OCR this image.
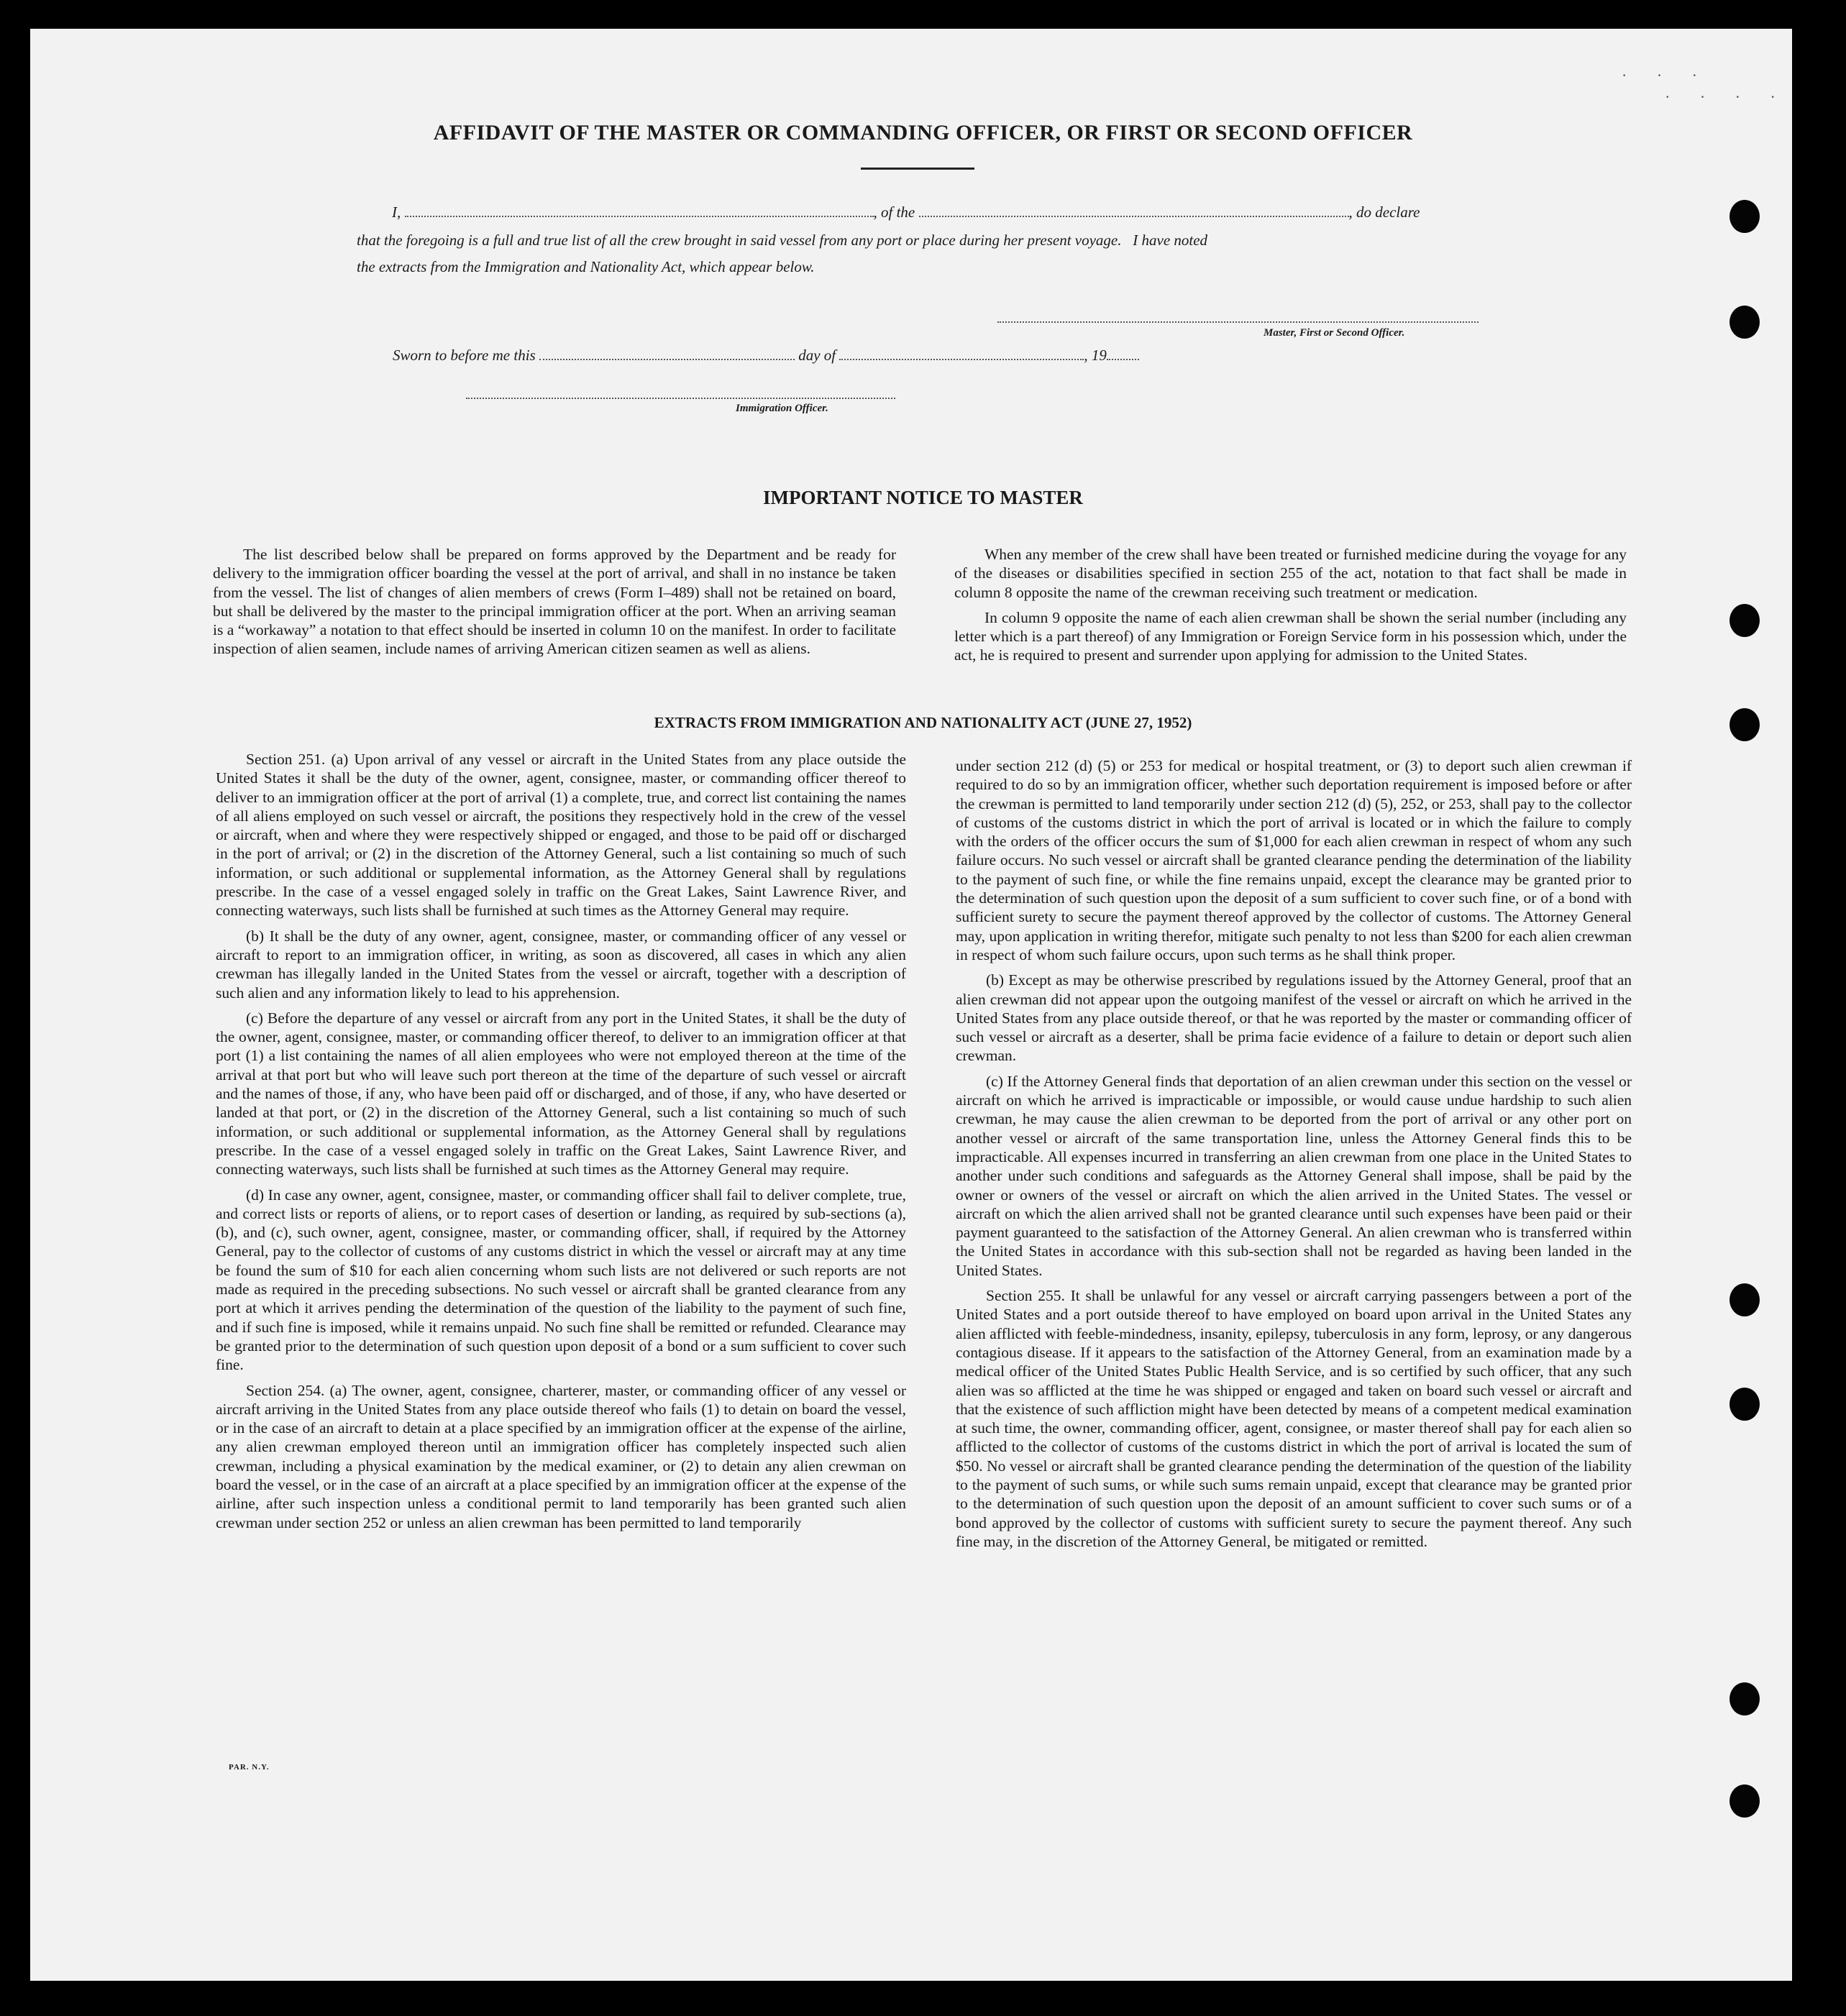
· · ·
· · · ·
AFFIDAVIT OF THE MASTER OR COMMANDING OFFICER, OR FIRST OR SECOND OFFICER
I,	, of the	, do declare
that the foregoing is a full and true list of all the crew brought in said vessel from any port or place during her present voyage.   I have noted
the extracts from the Immigration and Nationality Act, which appear below.
Master, First or Second Officer.
Sworn to before me this	day of	, 19
Immigration Officer.
IMPORTANT NOTICE TO MASTER

The list described below shall be prepared on forms approved by the Department and be ready for delivery to the immigration officer boarding the vessel at the port of arrival, and shall in no instance be taken from the vessel. The list of changes of alien members of crews (Form I–489) shall not be retained on board, but shall be delivered by the master to the principal immigration officer at the port. When an arriving seaman is a “workaway” a notation to that effect should be inserted in column 10 on the manifest. In order to facilitate inspection of alien seamen, include names of arriving American citizen seamen as well as aliens.

When any member of the crew shall have been treated or furnished medicine during the voyage for any of the diseases or disabilities specified in section 255 of the act, notation to that fact shall be made in column 8 opposite the name of the crewman receiving such treatment or medication.

In column 9 opposite the name of each alien crewman shall be shown the serial number (including any letter which is a part thereof) of any Immigration or Foreign Service form in his possession which, under the act, he is required to present and surrender upon applying for admission to the United States.

EXTRACTS FROM IMMIGRATION AND NATIONALITY ACT (JUNE 27, 1952)

Section 251. (a) Upon arrival of any vessel or aircraft in the United States from any place outside the United States it shall be the duty of the owner, agent, consignee, master, or commanding officer thereof to deliver to an immigration officer at the port of arrival (1) a complete, true, and correct list containing the names of all aliens employed on such vessel or aircraft, the positions they respectively hold in the crew of the vessel or aircraft, when and where they were respectively shipped or engaged, and those to be paid off or discharged in the port of arrival; or (2) in the discretion of the Attorney General, such a list containing so much of such information, or such additional or supplemental information, as the Attorney General shall by regulations prescribe. In the case of a vessel engaged solely in traffic on the Great Lakes, Saint Lawrence River, and connecting waterways, such lists shall be furnished at such times as the Attorney General may require.

(b) It shall be the duty of any owner, agent, consignee, master, or commanding officer of any vessel or aircraft to report to an immigration officer, in writing, as soon as discovered, all cases in which any alien crewman has illegally landed in the United States from the vessel or aircraft, together with a description of such alien and any information likely to lead to his apprehension.

(c) Before the departure of any vessel or aircraft from any port in the United States, it shall be the duty of the owner, agent, consignee, master, or commanding officer thereof, to deliver to an immigration officer at that port (1) a list containing the names of all alien employees who were not employed thereon at the time of the arrival at that port but who will leave such port thereon at the time of the departure of such vessel or aircraft and the names of those, if any, who have been paid off or discharged, and of those, if any, who have deserted or landed at that port, or (2) in the discretion of the Attorney General, such a list containing so much of such information, or such additional or supplemental information, as the Attorney General shall by regulations prescribe. In the case of a vessel engaged solely in traffic on the Great Lakes, Saint Lawrence River, and connecting waterways, such lists shall be furnished at such times as the Attorney General may require.

(d) In case any owner, agent, consignee, master, or commanding officer shall fail to deliver complete, true, and correct lists or reports of aliens, or to report cases of desertion or landing, as required by sub-sections (a), (b), and (c), such owner, agent, consignee, master, or commanding officer, shall, if required by the Attorney General, pay to the collector of customs of any customs district in which the vessel or aircraft may at any time be found the sum of $10 for each alien concerning whom such lists are not delivered or such reports are not made as required in the preceding subsections. No such vessel or aircraft shall be granted clearance from any port at which it arrives pending the determination of the question of the liability to the payment of such fine, and if such fine is imposed, while it remains unpaid. No such fine shall be remitted or refunded. Clearance may be granted prior to the determination of such question upon deposit of a bond or a sum sufficient to cover such fine.

Section 254. (a) The owner, agent, consignee, charterer, master, or commanding officer of any vessel or aircraft arriving in the United States from any place outside thereof who fails (1) to detain on board the vessel, or in the case of an aircraft to detain at a place specified by an immigration officer at the expense of the airline, any alien crewman employed thereon until an immigration officer has completely inspected such alien crewman, including a physical examination by the medical examiner, or (2) to detain any alien crewman on board the vessel, or in the case of an aircraft at a place specified by an immigration officer at the expense of the airline, after such inspection unless a conditional permit to land temporarily has been granted such alien crewman under section 252 or unless an alien crewman has been permitted to land temporarily

under section 212 (d) (5) or 253 for medical or hospital treatment, or (3) to deport such alien crewman if required to do so by an immigration officer, whether such deportation requirement is imposed before or after the crewman is permitted to land temporarily under section 212 (d) (5), 252, or 253, shall pay to the collector of customs of the customs district in which the port of arrival is located or in which the failure to comply with the orders of the officer occurs the sum of $1,000 for each alien crewman in respect of whom any such failure occurs. No such vessel or aircraft shall be granted clearance pending the determination of the liability to the payment of such fine, or while the fine remains unpaid, except the clearance may be granted prior to the determination of such question upon the deposit of a sum sufficient to cover such fine, or of a bond with sufficient surety to secure the payment thereof approved by the collector of customs. The Attorney General may, upon application in writing therefor, mitigate such penalty to not less than $200 for each alien crewman in respect of whom such failure occurs, upon such terms as he shall think proper.

(b) Except as may be otherwise prescribed by regulations issued by the Attorney General, proof that an alien crewman did not appear upon the outgoing manifest of the vessel or aircraft on which he arrived in the United States from any place outside thereof, or that he was reported by the master or commanding officer of such vessel or aircraft as a deserter, shall be prima facie evidence of a failure to detain or deport such alien crewman.

(c) If the Attorney General finds that deportation of an alien crewman under this section on the vessel or aircraft on which he arrived is impracticable or impossible, or would cause undue hardship to such alien crewman, he may cause the alien crewman to be deported from the port of arrival or any other port on another vessel or aircraft of the same transportation line, unless the Attorney General finds this to be impracticable. All expenses incurred in transferring an alien crewman from one place in the United States to another under such conditions and safeguards as the Attorney General shall impose, shall be paid by the owner or owners of the vessel or aircraft on which the alien arrived in the United States. The vessel or aircraft on which the alien arrived shall not be granted clearance until such expenses have been paid or their payment guaranteed to the satisfaction of the Attorney General. An alien crewman who is transferred within the United States in accordance with this sub-section shall not be regarded as having been landed in the United States.

Section 255. It shall be unlawful for any vessel or aircraft carrying passengers between a port of the United States and a port outside thereof to have employed on board upon arrival in the United States any alien afflicted with feeble-mindedness, insanity, epilepsy, tuberculosis in any form, leprosy, or any dangerous contagious disease. If it appears to the satisfaction of the Attorney General, from an examination made by a medical officer of the United States Public Health Service, and is so certified by such officer, that any such alien was so afflicted at the time he was shipped or engaged and taken on board such vessel or aircraft and that the existence of such affliction might have been detected by means of a competent medical examination at such time, the owner, commanding officer, agent, consignee, or master thereof shall pay for each alien so afflicted to the collector of customs of the customs district in which the port of arrival is located the sum of $50. No vessel or aircraft shall be granted clearance pending the determination of the question of the liability to the payment of such sums, or while such sums remain unpaid, except that clearance may be granted prior to the determination of such question upon the deposit of an amount sufficient to cover such sums or of a bond approved by the collector of customs with sufficient surety to secure the payment thereof. Any such fine may, in the discretion of the Attorney General, be mitigated or remitted.

PAR. N.Y.
